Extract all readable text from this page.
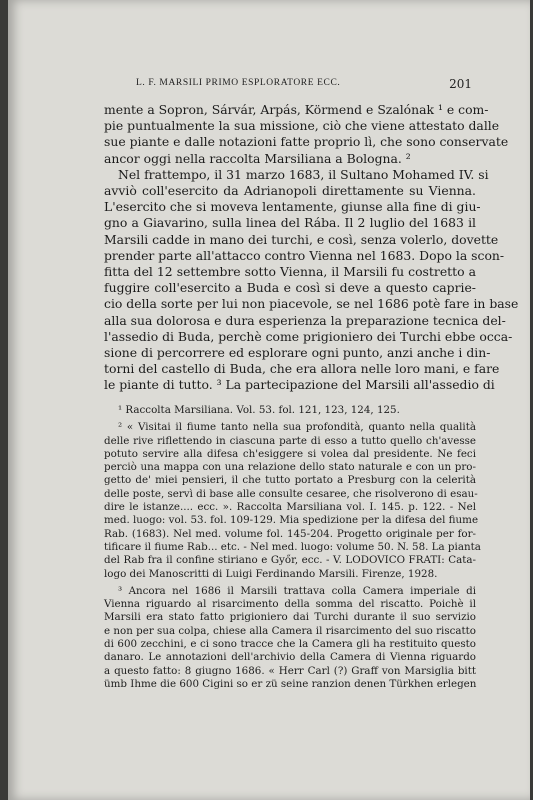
L. F. MARSILI PRIMO ESPLORATORE ECC.	201
mente a Sopron, Sárvár, Arpás, Körmend e Szalónak ¹ e com-
pie puntualmente la sua missione, ciò che viene attestato dalle
sue piante e dalle notazioni fatte proprio lì, che sono conservate
ancor oggi nella raccolta Marsiliana a Bologna. ²
Nel frattempo, il 31 marzo 1683, il Sultano Mohamed IV. si
avviò coll'esercito da Adrianopoli direttamente su Vienna.
L'esercito che si moveva lentamente, giunse alla fine di giu-
gno a Giavarino, sulla linea del Rába. Il 2 luglio del 1683 il
Marsili cadde in mano dei turchi, e così, senza volerlo, dovette
prender parte all'attacco contro Vienna nel 1683. Dopo la scon-
fitta del 12 settembre sotto Vienna, il Marsili fu costretto a
fuggire coll'esercito a Buda e così si deve a questo caprie-
cio della sorte per lui non piacevole, se nel 1686 potè fare in base
alla sua dolorosa e dura esperienza la preparazione tecnica del-
l'assedio di Buda, perchè come prigioniero dei Turchi ebbe occa-
sione di percorrere ed esplorare ogni punto, anzi anche i din-
torni del castello di Buda, che era allora nelle loro mani, e fare
le piante di tutto. ³ La partecipazione del Marsili all'assedio di
¹ Raccolta Marsiliana. Vol. 53. fol. 121, 123, 124, 125.
² « Visitai il fiume tanto nella sua profondità, quanto nella qualità
delle rive riflettendo in ciascuna parte di esso a tutto quello ch'avesse
potuto servire alla difesa ch'esiggere si volea dal presidente. Ne feci
perciò una mappa con una relazione dello stato naturale e con un pro-
getto de' miei pensieri, il che tutto portato a Presburg con la celerità
delle poste, servì di base alle consulte cesaree, che risolverono di esau-
dire le istanze.... ecc. ». Raccolta Marsiliana vol. I. 145. p. 122. - Nel
med. luogo: vol. 53. fol. 109-129. Mia spedizione per la difesa del fiume
Rab. (1683). Nel med. volume fol. 145-204. Progetto originale per for-
tificare il fiume Rab... etc. - Nel med. luogo: volume 50. N. 58. La pianta
del Rab fra il confine stiriano e Győr, ecc. - V. LODOVICO FRATI: Cata-
logo dei Manoscritti di Luigi Ferdinando Marsili. Firenze, 1928.
³ Ancora nel 1686 il Marsili trattava colla Camera imperiale di
Vienna riguardo al risarcimento della somma del riscatto. Poichè il
Marsili era stato fatto prigioniero dai Turchi durante il suo servizio
e non per sua colpa, chiese alla Camera il risarcimento del suo riscatto
di 600 zecchini, e ci sono tracce che la Camera gli ha restituito questo
danaro. Le annotazioni dell'archivio della Camera di Vienna riguardo
a questo fatto: 8 giugno 1686. « Herr Carl (?) Graff von Marsiglia bitt
ümb Ihme die 600 Cigini so er zü seine ranzion denen Türkhen erlegen
